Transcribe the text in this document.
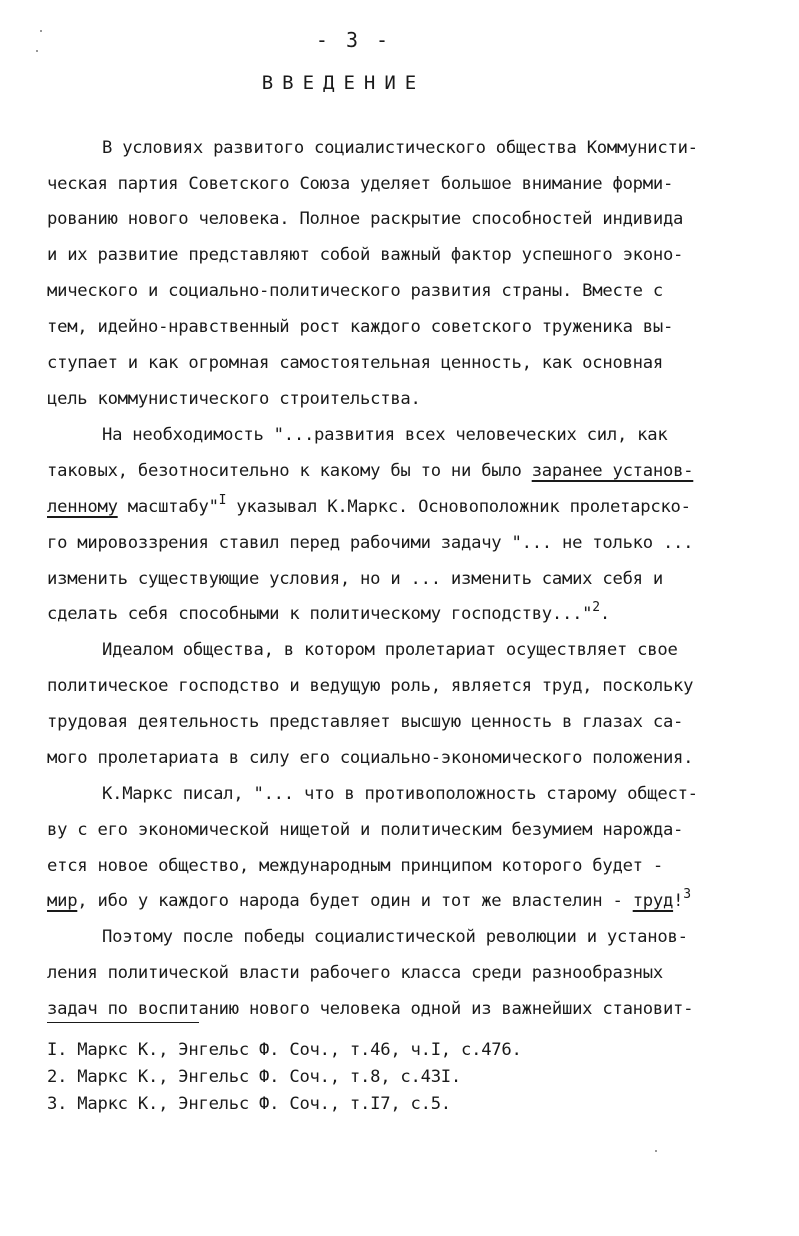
- 3 -
ВВЕДЕНИЕ
В условиях развитого социалистического общества Коммунисти-
ческая партия Советского Союза уделяет большое внимание форми-
рованию нового человека. Полное раскрытие способностей индивида
и их развитие представляют собой важный фактор успешного эконо-
мического и социально-политического развития страны. Вместе с
тем, идейно-нравственный рост каждого советского труженика вы-
ступает и как огромная самостоятельная ценность, как основная
цель коммунистического строительства.
На необходимость "...развития всех человеческих сил, как
таковых, безотносительно к какому бы то ни было заранее установ-
ленному масштабу"$^I$ указывал К.Маркс. Основоположник пролетарско-
го мировоззрения ставил перед рабочими задачу "... не только ...
изменить существующие условия, но и ... изменить самих себя и
сделать себя способными к политическому господству..."$^2$.
Идеалом общества, в котором пролетариат осуществляет свое
политическое господство и ведущую роль, является труд, поскольку
трудовая деятельность представляет высшую ценность в глазах са-
мого пролетариата в силу его социально-экономического положения.
К.Маркс писал, "... что в противоположность старому общест-
ву с его экономической нищетой и политическим безумием нарожда-
ется новое общество, международным принципом которого будет -
мир, ибо у каждого народа будет один и тот же властелин - труд!$^3$
Поэтому после победы социалистической революции и установ-
ления политической власти рабочего класса среди разнообразных
задач по воспитанию нового человека одной из важнейших становит-
I. Маркс К., Энгельс Ф. Соч., т.46, ч.I, с.476.
2. Маркс К., Энгельс Ф. Соч., т.8, с.43I.
3. Маркс К., Энгельс Ф. Соч., т.I7, с.5.
